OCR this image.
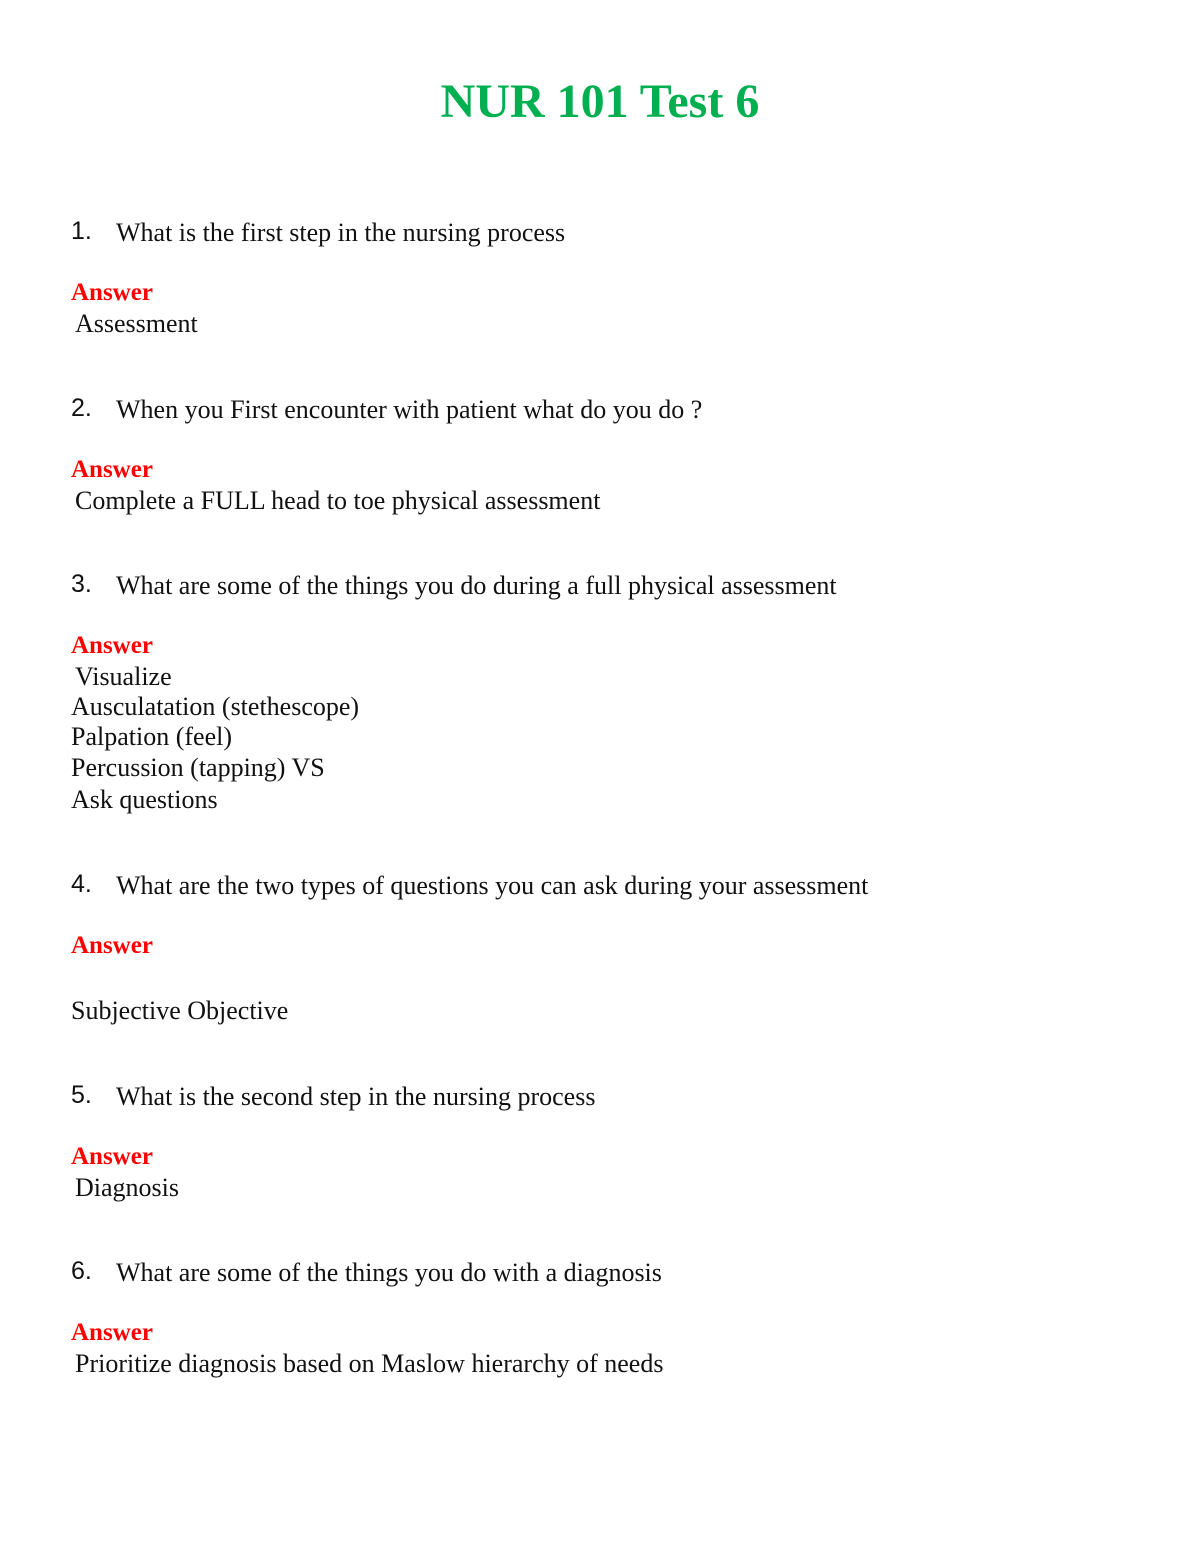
NUR 101 Test 6
1. What is the first step in the nursing process
Answer
Assessment
2. When you First encounter with patient what do you do ?
Answer
Complete a FULL head to toe physical assessment
3. What are some of the things you do during a full physical assessment
Answer
Visualize
Ausculatation (stethescope)
Palpation (feel)
Percussion (tapping) VS
Ask questions
4. What are the two types of questions you can ask during your assessment
Answer
Subjective Objective
5. What is the second step in the nursing process
Answer
Diagnosis
6. What are some of the things you do with a diagnosis
Answer
Prioritize diagnosis based on Maslow hierarchy of needs
